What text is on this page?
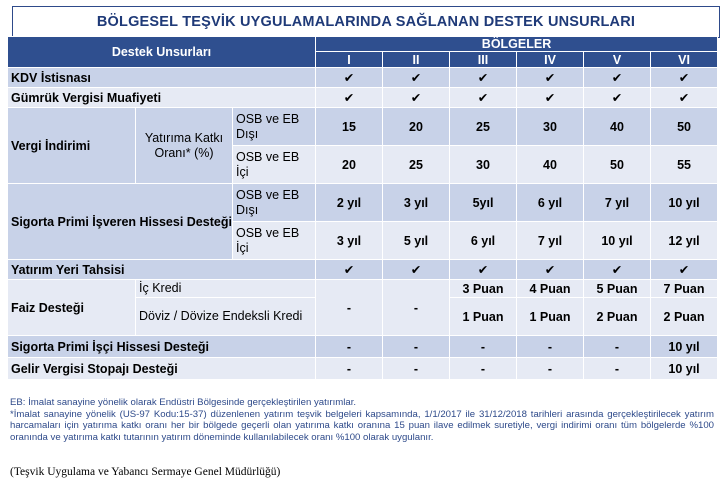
BÖLGESEL TEŞVİK UYGULAMALARINDA SAĞLANAN DESTEK UNSURLARI
Destek Unsurları			BÖLGELER					
			I	II	III	IV	V	VI
KDV İstisnası			✔	✔	✔	✔	✔	✔
Gümrük Vergisi Muafiyeti			✔	✔	✔	✔	✔	✔
Vergi İndirimi	Yatırıma Katkı Oranı* (%)	OSB ve EB Dışı	15	20	25	30	40	50
		OSB ve EB İçi	20	25	30	40	50	55
Sigorta Primi İşveren Hissesi Desteği		OSB ve EB Dışı	2 yıl	3 yıl	5yıl	6 yıl	7 yıl	10 yıl
		OSB ve EB İçi	3 yıl	5 yıl	6 yıl	7 yıl	10 yıl	12 yıl
Yatırım Yeri Tahsisi			✔	✔	✔	✔	✔	✔
Faiz Desteği	İç Kredi		-	-	3 Puan	4 Puan	5 Puan	7 Puan
	Döviz / Dövize Endeksli Kredi				1 Puan	1 Puan	2 Puan	2 Puan
Sigorta Primi İşçi Hissesi Desteği			-	-	-	-	-	10 yıl
Gelir Vergisi Stopajı Desteği			-	-	-	-	-	10 yıl

EB: İmalat sanayine yönelik olarak Endüstri Bölgesinde gerçekleştirilen yatırımlar.

*İmalat sanayine yönelik (US-97 Kodu:15-37) düzenlenen yatırım teşvik belgeleri kapsamında, 1/1/2017 ile 31/12/2018 tarihleri arasında gerçekleştirilecek yatırım harcamaları için yatırıma katkı oranı her bir bölgede geçerli olan yatırıma katkı oranına 15 puan ilave edilmek suretiyle, vergi indirimi oranı tüm bölgelerde %100 oranında ve yatırıma katkı tutarının yatırım döneminde kullanılabilecek oranı %100 olarak uygulanır.

(Teşvik Uygulama ve Yabancı Sermaye Genel Müdürlüğü)
